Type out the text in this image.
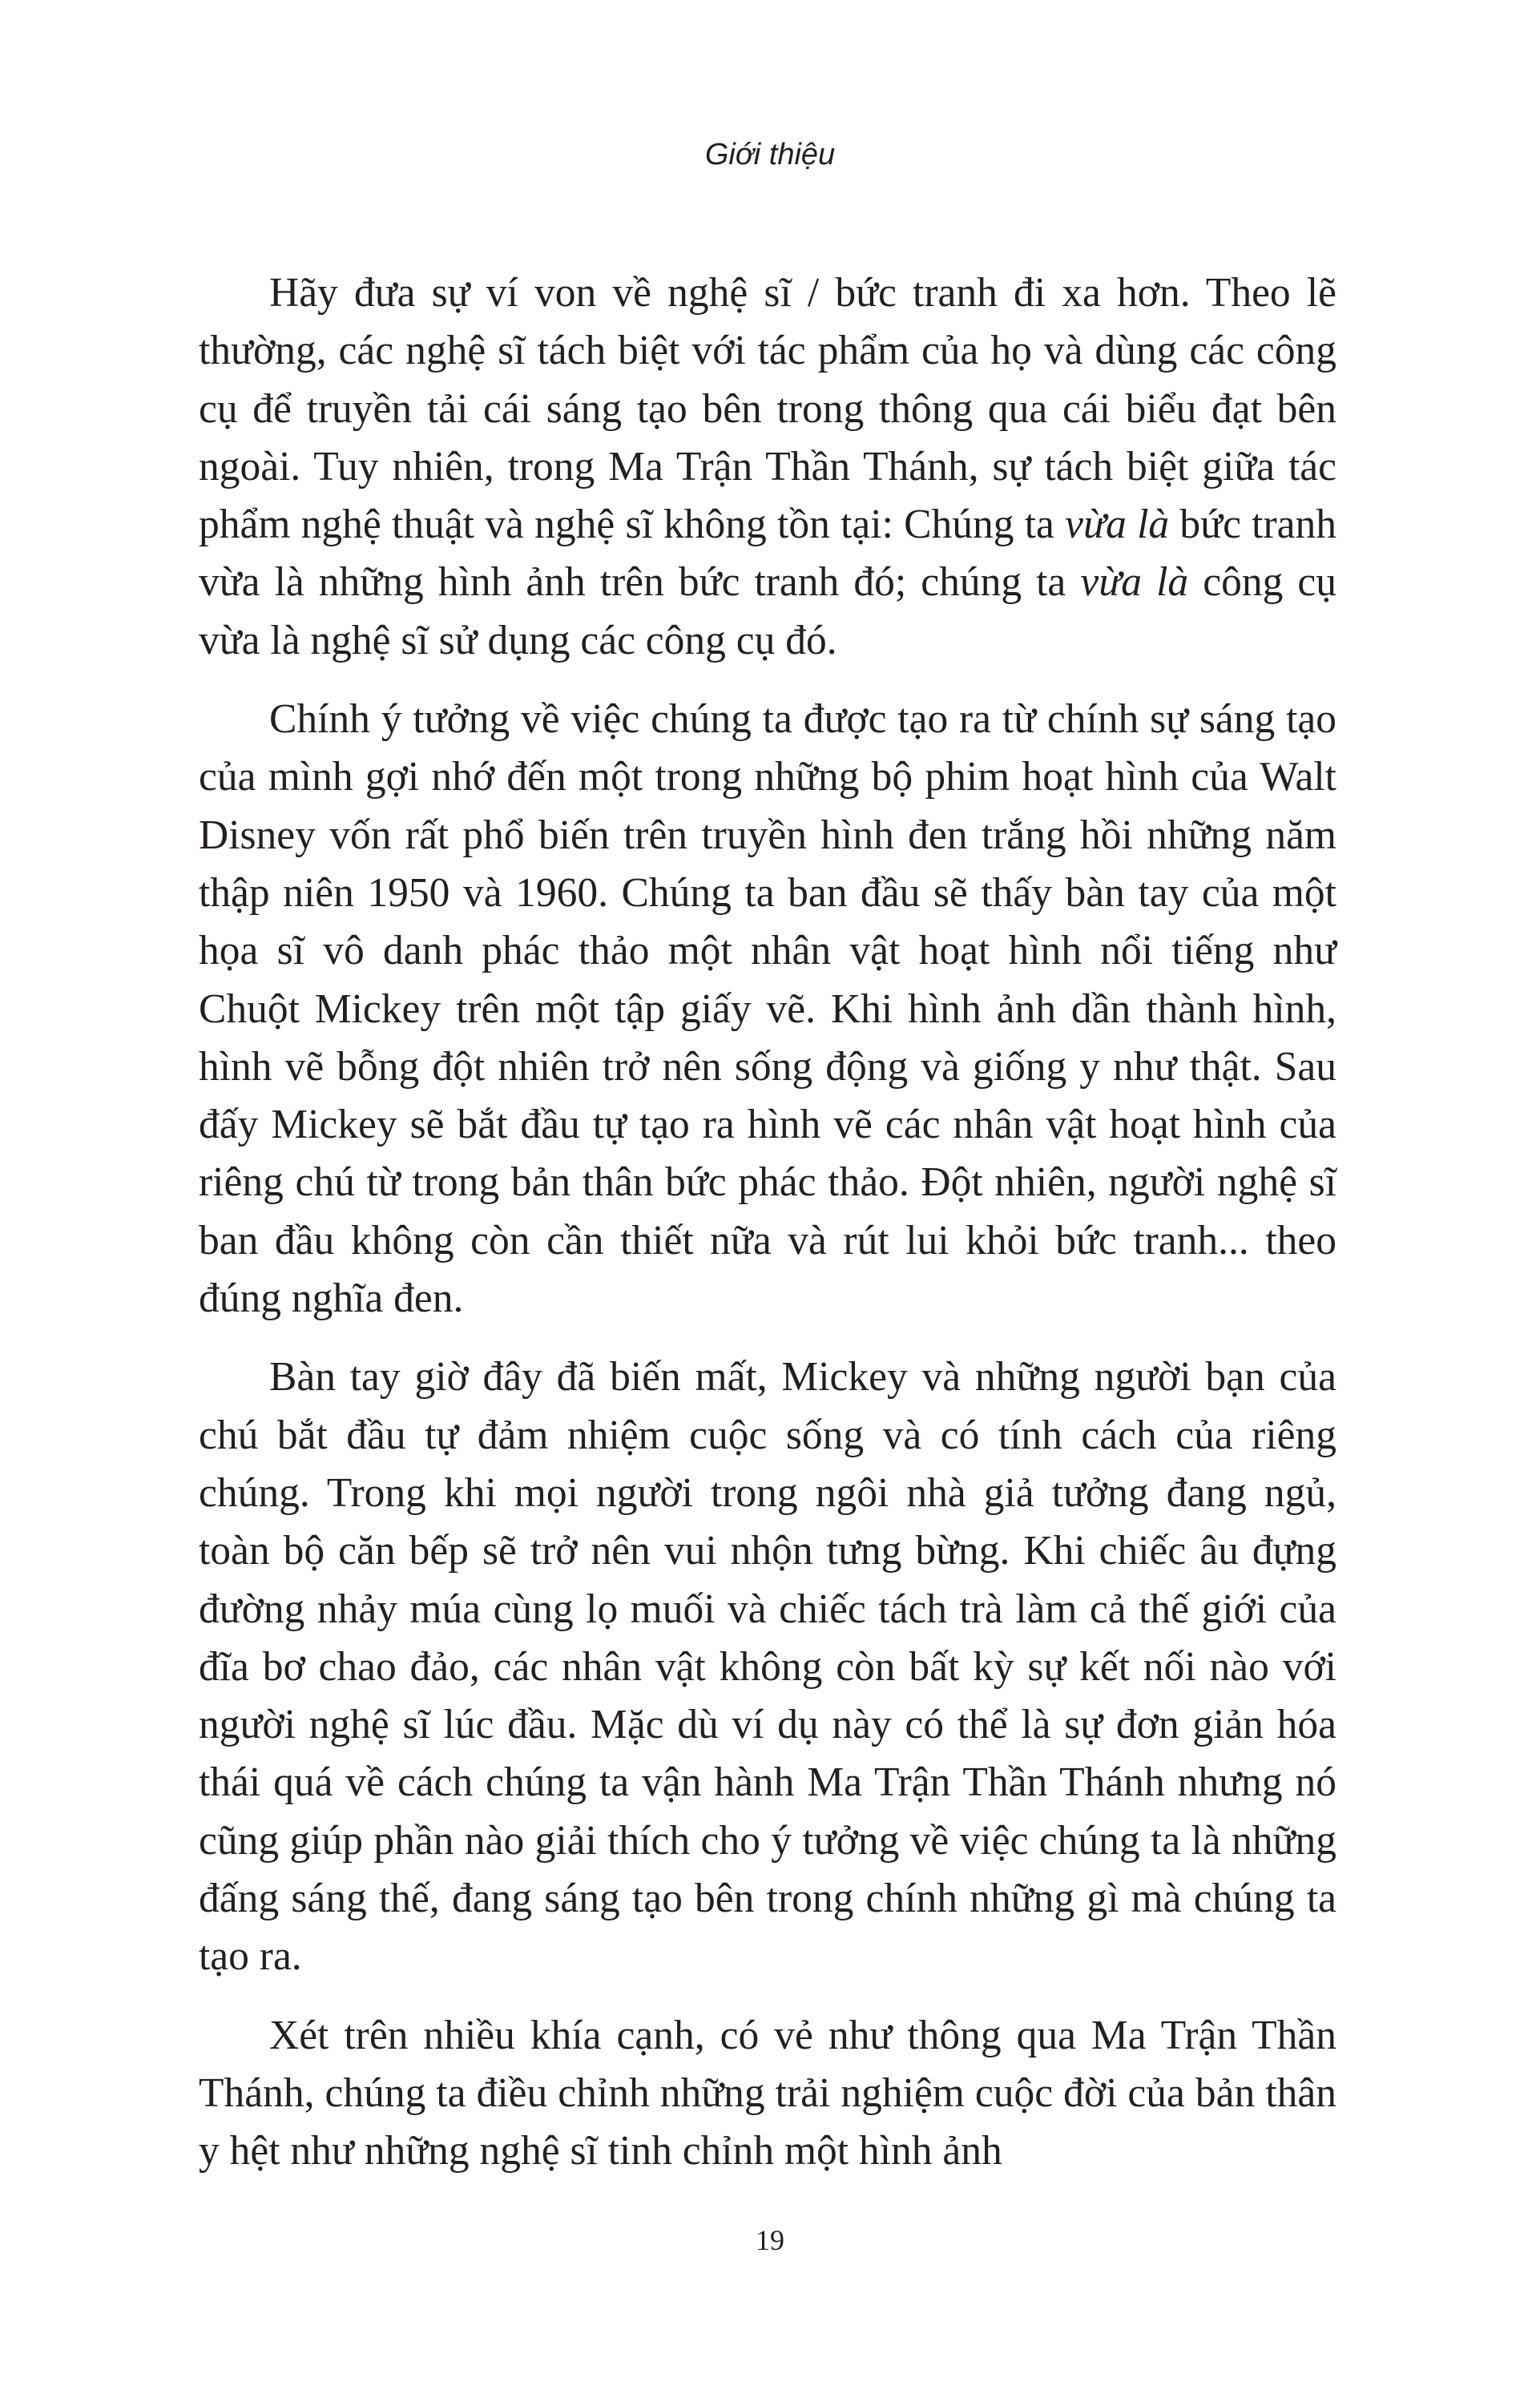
Giới thiệu

Hãy đưa sự ví von về nghệ sĩ / bức tranh đi xa hơn. Theo lẽ thường, các nghệ sĩ tách biệt với tác phẩm của họ và dùng các công cụ để truyền tải cái sáng tạo bên trong thông qua cái biểu đạt bên ngoài. Tuy nhiên, trong Ma Trận Thần Thánh, sự tách biệt giữa tác phẩm nghệ thuật và nghệ sĩ không tồn tại: Chúng ta vừa là bức tranh vừa là những hình ảnh trên bức tranh đó; chúng ta vừa là công cụ vừa là nghệ sĩ sử dụng các công cụ đó.

Chính ý tưởng về việc chúng ta được tạo ra từ chính sự sáng tạo của mình gợi nhớ đến một trong những bộ phim hoạt hình của Walt Disney vốn rất phổ biến trên truyền hình đen trắng hồi những năm thập niên 1950 và 1960. Chúng ta ban đầu sẽ thấy bàn tay của một họa sĩ vô danh phác thảo một nhân vật hoạt hình nổi tiếng như Chuột Mickey trên một tập giấy vẽ. Khi hình ảnh dần thành hình, hình vẽ bỗng đột nhiên trở nên sống động và giống y như thật. Sau đấy Mickey sẽ bắt đầu tự tạo ra hình vẽ các nhân vật hoạt hình của riêng chú từ trong bản thân bức phác thảo. Đột nhiên, người nghệ sĩ ban đầu không còn cần thiết nữa và rút lui khỏi bức tranh... theo đúng nghĩa đen.

Bàn tay giờ đây đã biến mất, Mickey và những người bạn của chú bắt đầu tự đảm nhiệm cuộc sống và có tính cách của riêng chúng. Trong khi mọi người trong ngôi nhà giả tưởng đang ngủ, toàn bộ căn bếp sẽ trở nên vui nhộn tưng bừng. Khi chiếc âu đựng đường nhảy múa cùng lọ muối và chiếc tách trà làm cả thế giới của đĩa bơ chao đảo, các nhân vật không còn bất kỳ sự kết nối nào với người nghệ sĩ lúc đầu. Mặc dù ví dụ này có thể là sự đơn giản hóa thái quá về cách chúng ta vận hành Ma Trận Thần Thánh nhưng nó cũng giúp phần nào giải thích cho ý tưởng về việc chúng ta là những đấng sáng thế, đang sáng tạo bên trong chính những gì mà chúng ta tạo ra.

Xét trên nhiều khía cạnh, có vẻ như thông qua Ma Trận Thần Thánh, chúng ta điều chỉnh những trải nghiệm cuộc đời của bản thân y hệt như những nghệ sĩ tinh chỉnh một hình ảnh

19
